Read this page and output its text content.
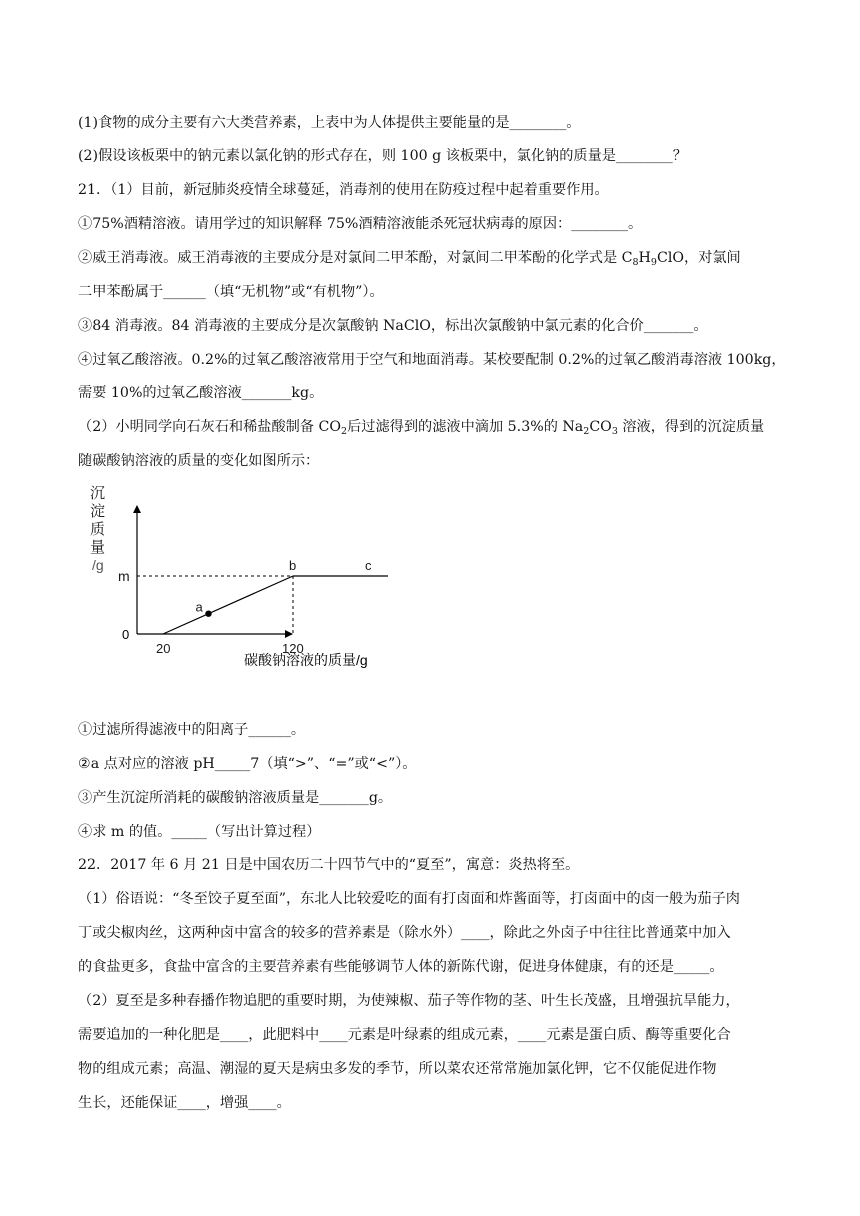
(1)食物的成分主要有六大类营养素，上表中为人体提供主要能量的是________。
(2)假设该板栗中的钠元素以氯化钠的形式存在，则 100 g 该板栗中，氯化钠的质量是________？
21．（1）目前，新冠肺炎疫情全球蔓延，消毒剂的使用在防疫过程中起着重要作用。
①75%酒精溶液。请用学过的知识解释 75%酒精溶液能杀死冠状病毒的原因：________。
②威王消毒液。威王消毒液的主要成分是对氯间二甲苯酚，对氯间二甲苯酚的化学式是 $C_8H_9ClO$，对氯间
二甲苯酚属于______（填“无机物”或“有机物”）。
③84 消毒液。84 消毒液的主要成分是次氯酸钠 NaClO，标出次氯酸钠中氯元素的化合价_______。
④过氧乙酸溶液。0.2%的过氧乙酸溶液常用于空气和地面消毒。某校要配制 0.2%的过氧乙酸消毒溶液 100kg，
需要 10%的过氧乙酸溶液_______kg。
（2）小明同学向石灰石和稀盐酸制备 $CO_2$后过滤得到的滤液中滴加 5.3%的 $Na_2CO_3$ 溶液，得到的沉淀质量
随碳酸钠溶液的质量的变化如图所示：
沉
淀
质
量
/g
0
20	120
m
a
b	c
碳酸钠溶液的质量/g
①过滤所得滤液中的阳离子______。
②a 点对应的溶液 pH_____7（填“>”、“=”或“<”）。
③产生沉淀所消耗的碳酸钠溶液质量是_______g。
④求 m 的值。_____（写出计算过程）
22．2017 年 6 月 21 日是中国农历二十四节气中的“夏至”，寓意：炎热将至。
（1）俗语说：“冬至饺子夏至面”，东北人比较爱吃的面有打卤面和炸酱面等，打卤面中的卤一般为茄子肉
丁或尖椒肉丝，这两种卤中富含的较多的营养素是（除水外）____，除此之外卤子中往往比普通菜中加入
的食盐更多，食盐中富含的主要营养素有些能够调节人体的新陈代谢，促进身体健康，有的还是_____。
（2）夏至是多种春播作物追肥的重要时期，为使辣椒、茄子等作物的茎、叶生长茂盛，且增强抗旱能力，
需要追加的一种化肥是____，此肥料中____元素是叶绿素的组成元素，____元素是蛋白质、酶等重要化合
物的组成元素；高温、潮湿的夏天是病虫多发的季节，所以菜农还常常施加氯化钾，它不仅能促进作物
生长，还能保证____，增强____。
